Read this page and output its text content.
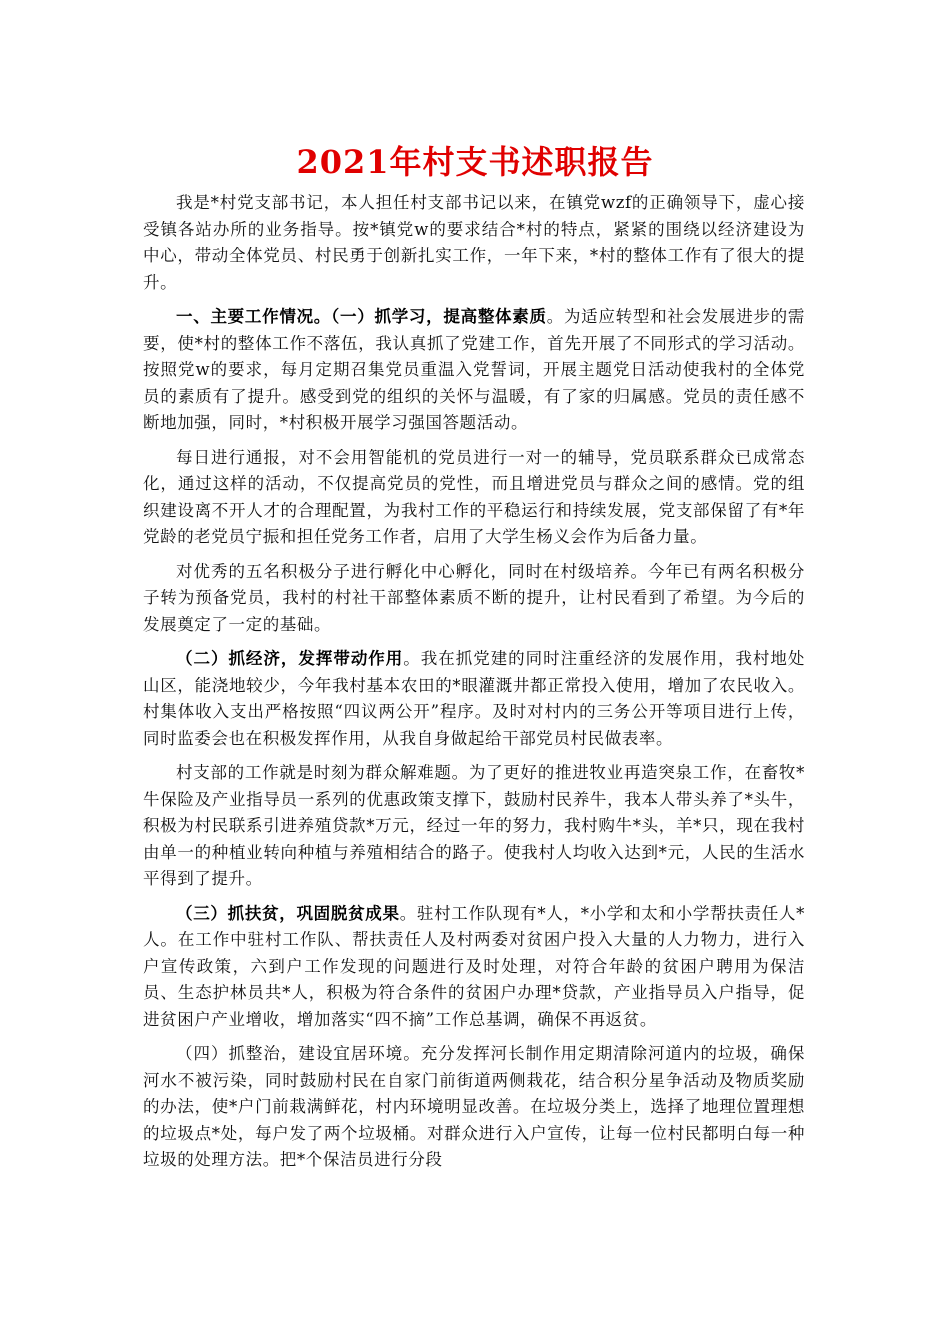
2021年村支书述职报告

我是*村党支部书记，本人担任村支部书记以来，在镇党wzf的正确领导下，虚心接受镇各站办所的业务指导。按*镇党w的要求结合*村的特点，紧紧的围绕以经济建设为中心，带动全体党员、村民勇于创新扎实工作，一年下来，*村的整体工作有了很大的提升。

一、主要工作情况。（一）抓学习，提高整体素质。为适应转型和社会发展进步的需要，使*村的整体工作不落伍，我认真抓了党建工作，首先开展了不同形式的学习活动。按照党w的要求，每月定期召集党员重温入党誓词，开展主题党日活动使我村的全体党员的素质有了提升。感受到党的组织的关怀与温暖，有了家的归属感。党员的责任感不断地加强，同时，*村积极开展学习强国答题活动。

每日进行通报，对不会用智能机的党员进行一对一的辅导，党员联系群众已成常态化，通过这样的活动，不仅提高党员的党性，而且增进党员与群众之间的感情。党的组织建设离不开人才的合理配置，为我村工作的平稳运行和持续发展，党支部保留了有*年党龄的老党员宁振和担任党务工作者，启用了大学生杨义会作为后备力量。

对优秀的五名积极分子进行孵化中心孵化，同时在村级培养。今年已有两名积极分子转为预备党员，我村的村社干部整体素质不断的提升，让村民看到了希望。为今后的发展奠定了一定的基础。

（二）抓经济，发挥带动作用。我在抓党建的同时注重经济的发展作用，我村地处山区，能浇地较少，今年我村基本农田的*眼灌溉井都正常投入使用，增加了农民收入。村集体收入支出严格按照“四议两公开”程序。及时对村内的三务公开等项目进行上传，同时监委会也在积极发挥作用，从我自身做起给干部党员村民做表率。

村支部的工作就是时刻为群众解难题。为了更好的推进牧业再造突泉工作，在畜牧*牛保险及产业指导员一系列的优惠政策支撑下，鼓励村民养牛，我本人带头养了*头牛，积极为村民联系引进养殖贷款*万元，经过一年的努力，我村购牛*头，羊*只，现在我村由单一的种植业转向种植与养殖相结合的路子。使我村人均收入达到*元，人民的生活水平得到了提升。

（三）抓扶贫，巩固脱贫成果。驻村工作队现有*人，*小学和太和小学帮扶责任人*人。在工作中驻村工作队、帮扶责任人及村两委对贫困户投入大量的人力物力，进行入户宣传政策，六到户工作发现的问题进行及时处理，对符合年龄的贫困户聘用为保洁员、生态护林员共*人，积极为符合条件的贫困户办理*贷款，产业指导员入户指导，促进贫困户产业增收，增加落实“四不摘”工作总基调，确保不再返贫。

（四）抓整治，建设宜居环境。充分发挥河长制作用定期清除河道内的垃圾，确保河水不被污染，同时鼓励村民在自家门前街道两侧栽花，结合积分星争活动及物质奖励的办法，使*户门前栽满鲜花，村内环境明显改善。在垃圾分类上，选择了地理位置理想的垃圾点*处，每户发了两个垃圾桶。对群众进行入户宣传，让每一位村民都明白每一种垃圾的处理方法。把*个保洁员进行分段
